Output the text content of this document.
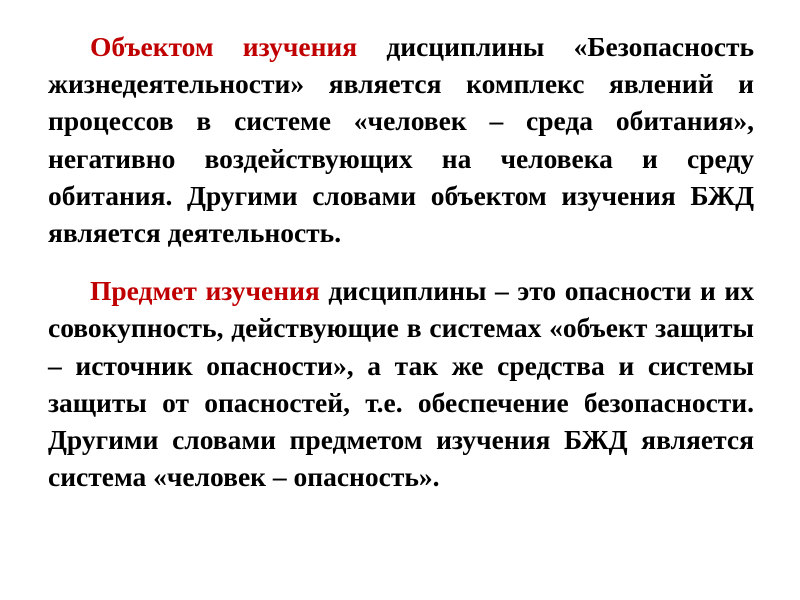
Объектом изучения дисциплины «Безопасность жизнедеятельности» является комплекс явлений и процессов в системе «человек – среда обитания», негативно воздействующих на человека и среду обитания. Другими словами объектом изучения БЖД является деятельность.

Предмет изучения дисциплины – это опасности и их совокупность, действующие в системах «объект защиты – источник опасности», а так же средства и системы защиты от опасностей, т.е. обеспечение безопасности. Другими словами предметом изучения БЖД является система «человек – опасность».
